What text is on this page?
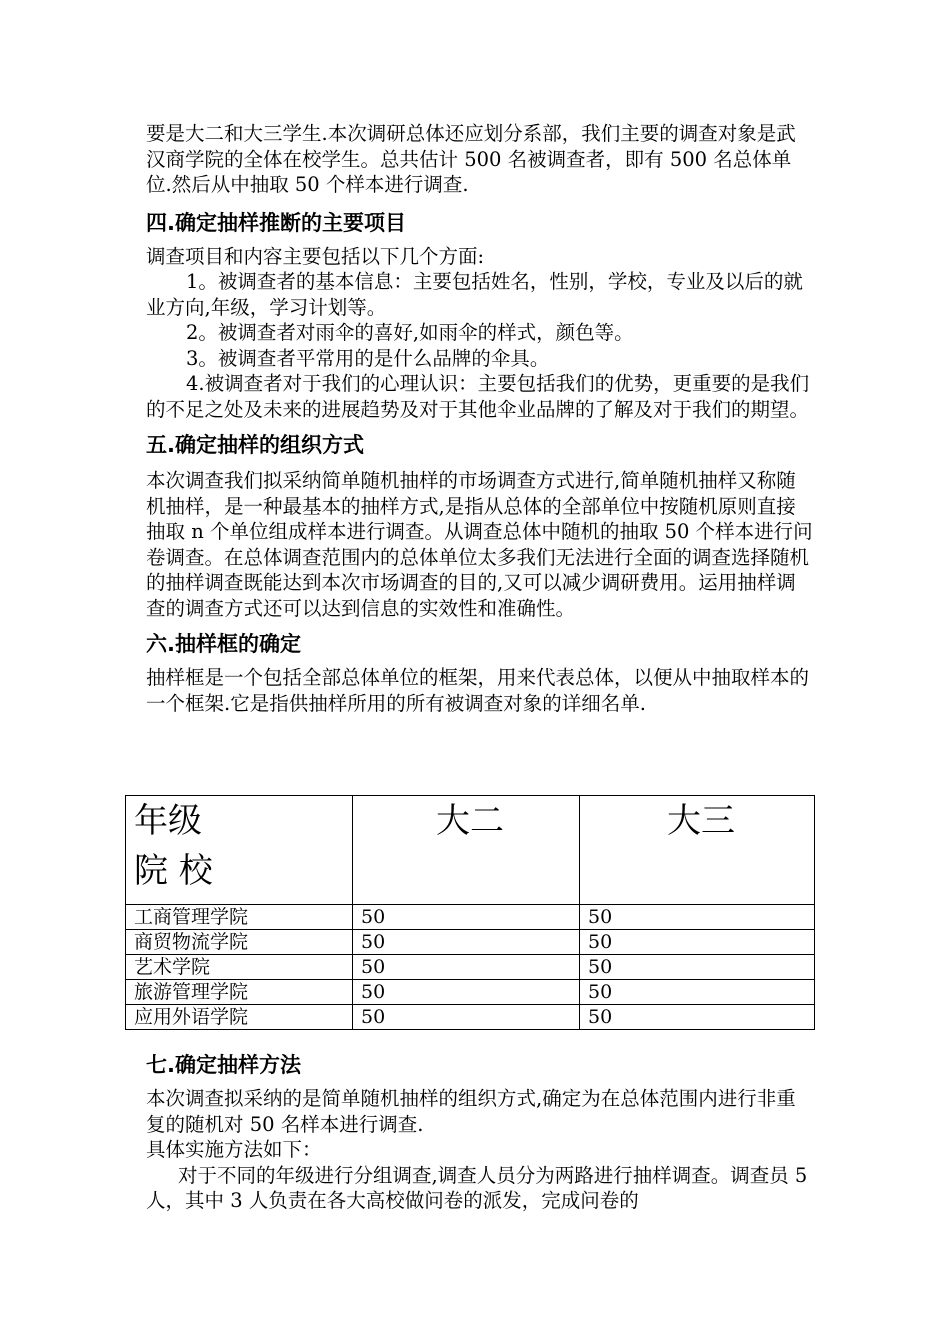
要是大二和大三学生.本次调研总体还应划分系部，我们主要的调查对象是武汉商学院的全体在校学生。总共估计 500 名被调查者，即有 500 名总体单位.然后从中抽取 50 个样本进行调查.

四.确定抽样推断的主要项目

调查项目和内容主要包括以下几个方面:

1。被调查者的基本信息：主要包括姓名，性别，学校，专业及以后的就业方向,年级，学习计划等。

2。被调查者对雨伞的喜好,如雨伞的样式，颜色等。

3。被调查者平常用的是什么品牌的伞具。

4.被调查者对于我们的心理认识：主要包括我们的优势，更重要的是我们的不足之处及未来的进展趋势及对于其他伞业品牌的了解及对于我们的期望。

五.确定抽样的组织方式

本次调查我们拟采纳简单随机抽样的市场调查方式进行,简单随机抽样又称随机抽样，是一种最基本的抽样方式,是指从总体的全部单位中按随机原则直接抽取 n 个单位组成样本进行调查。从调查总体中随机的抽取 50 个样本进行问卷调查。在总体调查范围内的总体单位太多我们无法进行全面的调查选择随机的抽样调查既能达到本次市场调查的目的,又可以减少调研费用。运用抽样调查的调查方式还可以达到信息的实效性和准确性。

六.抽样框的确定

抽样框是一个包括全部总体单位的框架，用来代表总体，以便从中抽取样本的一个框架.它是指供抽样所用的所有被调查对象的详细名单.

年级
院 校	大二	大三
工商管理学院	50	50
商贸物流学院	50	50
艺术学院	50	50
旅游管理学院	50	50
应用外语学院	50	50
七.确定抽样方法

本次调查拟采纳的是简单随机抽样的组织方式,确定为在总体范围内进行非重复的随机对 50 名样本进行调查.

具体实施方法如下：

对于不同的年级进行分组调查,调查人员分为两路进行抽样调查。调查员 5 人，其中 3 人负责在各大高校做问卷的派发，完成问卷的
